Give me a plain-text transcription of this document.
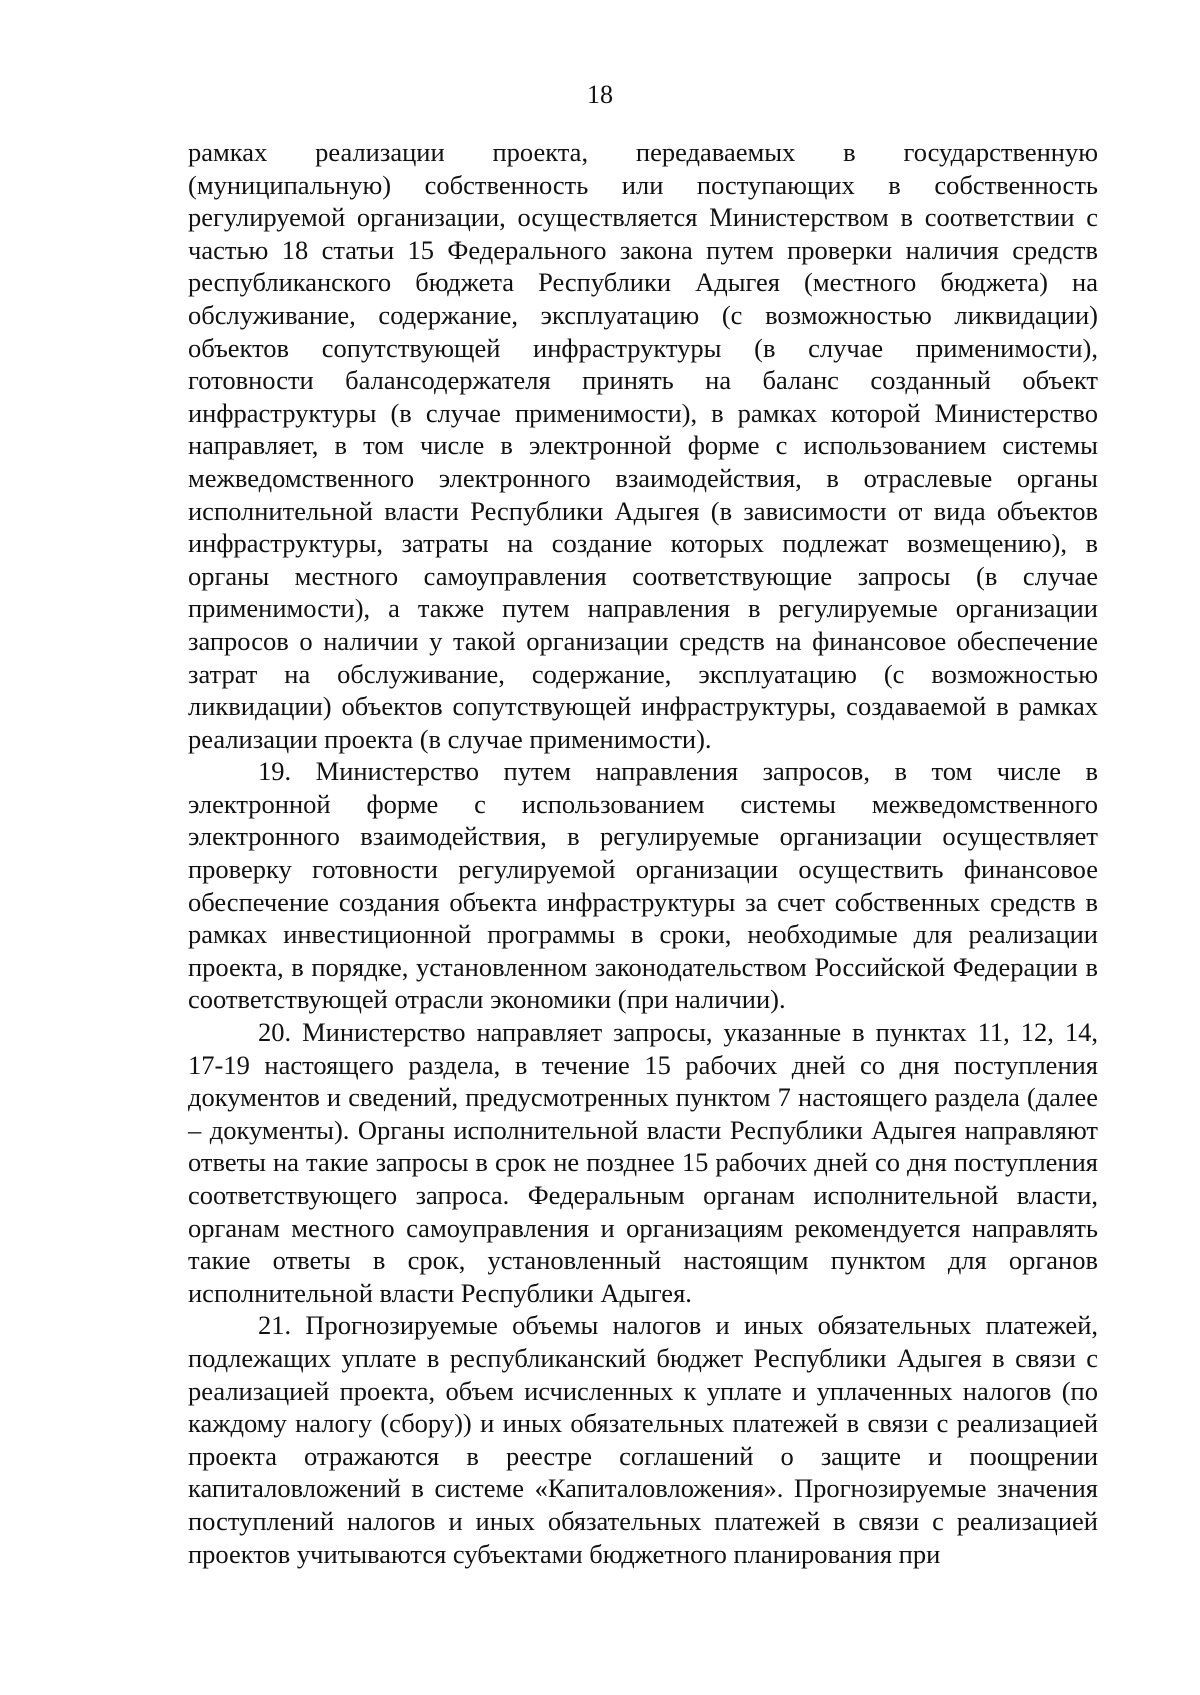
18

рамках реализации проекта, передаваемых в государственную (муниципальную) собственность или поступающих в собственность регулируемой организации, осуществляется Министерством в соответствии с частью 18 статьи 15 Федерального закона путем проверки наличия средств республиканского бюджета Республики Адыгея (местного бюджета) на обслуживание, содержание, эксплуатацию (с возможностью ликвидации) объектов сопутствующей инфраструктуры (в случае применимости), готовности балансодержателя принять на баланс созданный объект инфраструктуры (в случае применимости), в рамках которой Министерство направляет, в том числе в электронной форме с использованием системы межведомственного электронного взаимодействия, в отраслевые органы исполнительной власти Республики Адыгея (в зависимости от вида объектов инфраструктуры, затраты на создание которых подлежат возмещению), в органы местного самоуправления соответствующие запросы (в случае применимости), а также путем направления в регулируемые организации запросов о наличии у такой организации средств на финансовое обеспечение затрат на обслуживание, содержание, эксплуатацию (с возможностью ликвидации) объектов сопутствующей инфраструктуры, создаваемой в рамках реализации проекта (в случае применимости).

19. Министерство путем направления запросов, в том числе в электронной форме с использованием системы межведомственного электронного взаимодействия, в регулируемые организации осуществляет проверку готовности регулируемой организации осуществить финансовое обеспечение создания объекта инфраструктуры за счет собственных средств в рамках инвестиционной программы в сроки, необходимые для реализации проекта, в порядке, установленном законодательством Российской Федерации в соответствующей отрасли экономики (при наличии).

20. Министерство направляет запросы, указанные в пунктах 11, 12, 14, 17-19 настоящего раздела, в течение 15 рабочих дней со дня поступления документов и сведений, предусмотренных пунктом 7 настоящего раздела (далее – документы). Органы исполнительной власти Республики Адыгея направляют ответы на такие запросы в срок не позднее 15 рабочих дней со дня поступления соответствующего запроса. Федеральным органам исполнительной власти, органам местного самоуправления и организациям рекомендуется направлять такие ответы в срок, установленный настоящим пунктом для органов исполнительной власти Республики Адыгея.

21. Прогнозируемые объемы налогов и иных обязательных платежей, подлежащих уплате в республиканский бюджет Республики Адыгея в связи с реализацией проекта, объем исчисленных к уплате и уплаченных налогов (по каждому налогу (сбору)) и иных обязательных платежей в связи с реализацией проекта отражаются в реестре соглашений о защите и поощрении капиталовложений в системе «Капиталовложения». Прогнозируемые значения поступлений налогов и иных обязательных платежей в связи с реализацией проектов учитываются субъектами бюджетного планирования при
